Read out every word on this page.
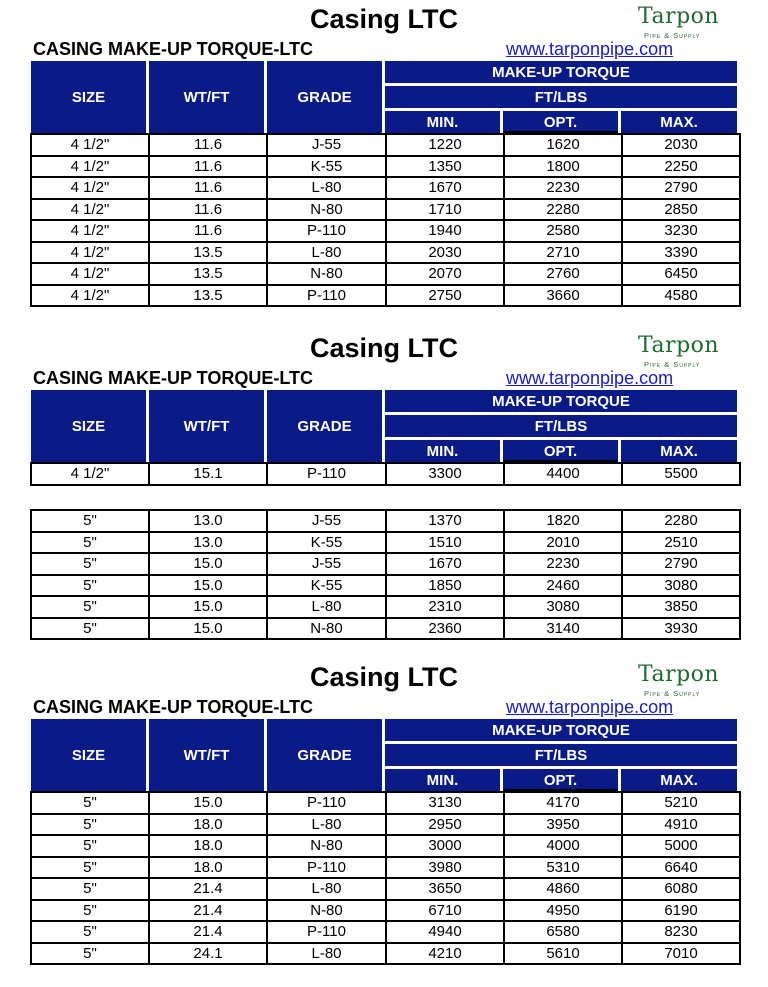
Casing LTC	Tarpon
Pipe & Supply
CASING MAKE-UP TORQUE-LTC	www.tarponpipe.com
SIZE	WT/FT	GRADE
MAKE-UP TORQUE
FT/LBS
MIN.	OPT.	MAX.
4 1/2"	11.6	J-55	1220	1620	2030
4 1/2"	11.6	K-55	1350	1800	2250
4 1/2"	11.6	L-80	1670	2230	2790
4 1/2"	11.6	N-80	1710	2280	2850
4 1/2"	11.6	P-110	1940	2580	3230
4 1/2"	13.5	L-80	2030	2710	3390
4 1/2"	13.5	N-80	2070	2760	6450
4 1/2"	13.5	P-110	2750	3660	4580
Casing LTC	Tarpon
Pipe & Supply
CASING MAKE-UP TORQUE-LTC	www.tarponpipe.com
SIZE	WT/FT	GRADE
MAKE-UP TORQUE
FT/LBS
MIN.	OPT.	MAX.
4 1/2"	15.1	P-110	3300	4400	5500
5"	13.0	J-55	1370	1820	2280
5"	13.0	K-55	1510	2010	2510
5"	15.0	J-55	1670	2230	2790
5"	15.0	K-55	1850	2460	3080
5"	15.0	L-80	2310	3080	3850
5"	15.0	N-80	2360	3140	3930
Casing LTC	Tarpon
Pipe & Supply
CASING MAKE-UP TORQUE-LTC	www.tarponpipe.com
SIZE	WT/FT	GRADE
MAKE-UP TORQUE
FT/LBS
MIN.	OPT.	MAX.
5"	15.0	P-110	3130	4170	5210
5"	18.0	L-80	2950	3950	4910
5"	18.0	N-80	3000	4000	5000
5"	18.0	P-110	3980	5310	6640
5"	21.4	L-80	3650	4860	6080
5"	21.4	N-80	6710	4950	6190
5"	21.4	P-110	4940	6580	8230
5"	24.1	L-80	4210	5610	7010
